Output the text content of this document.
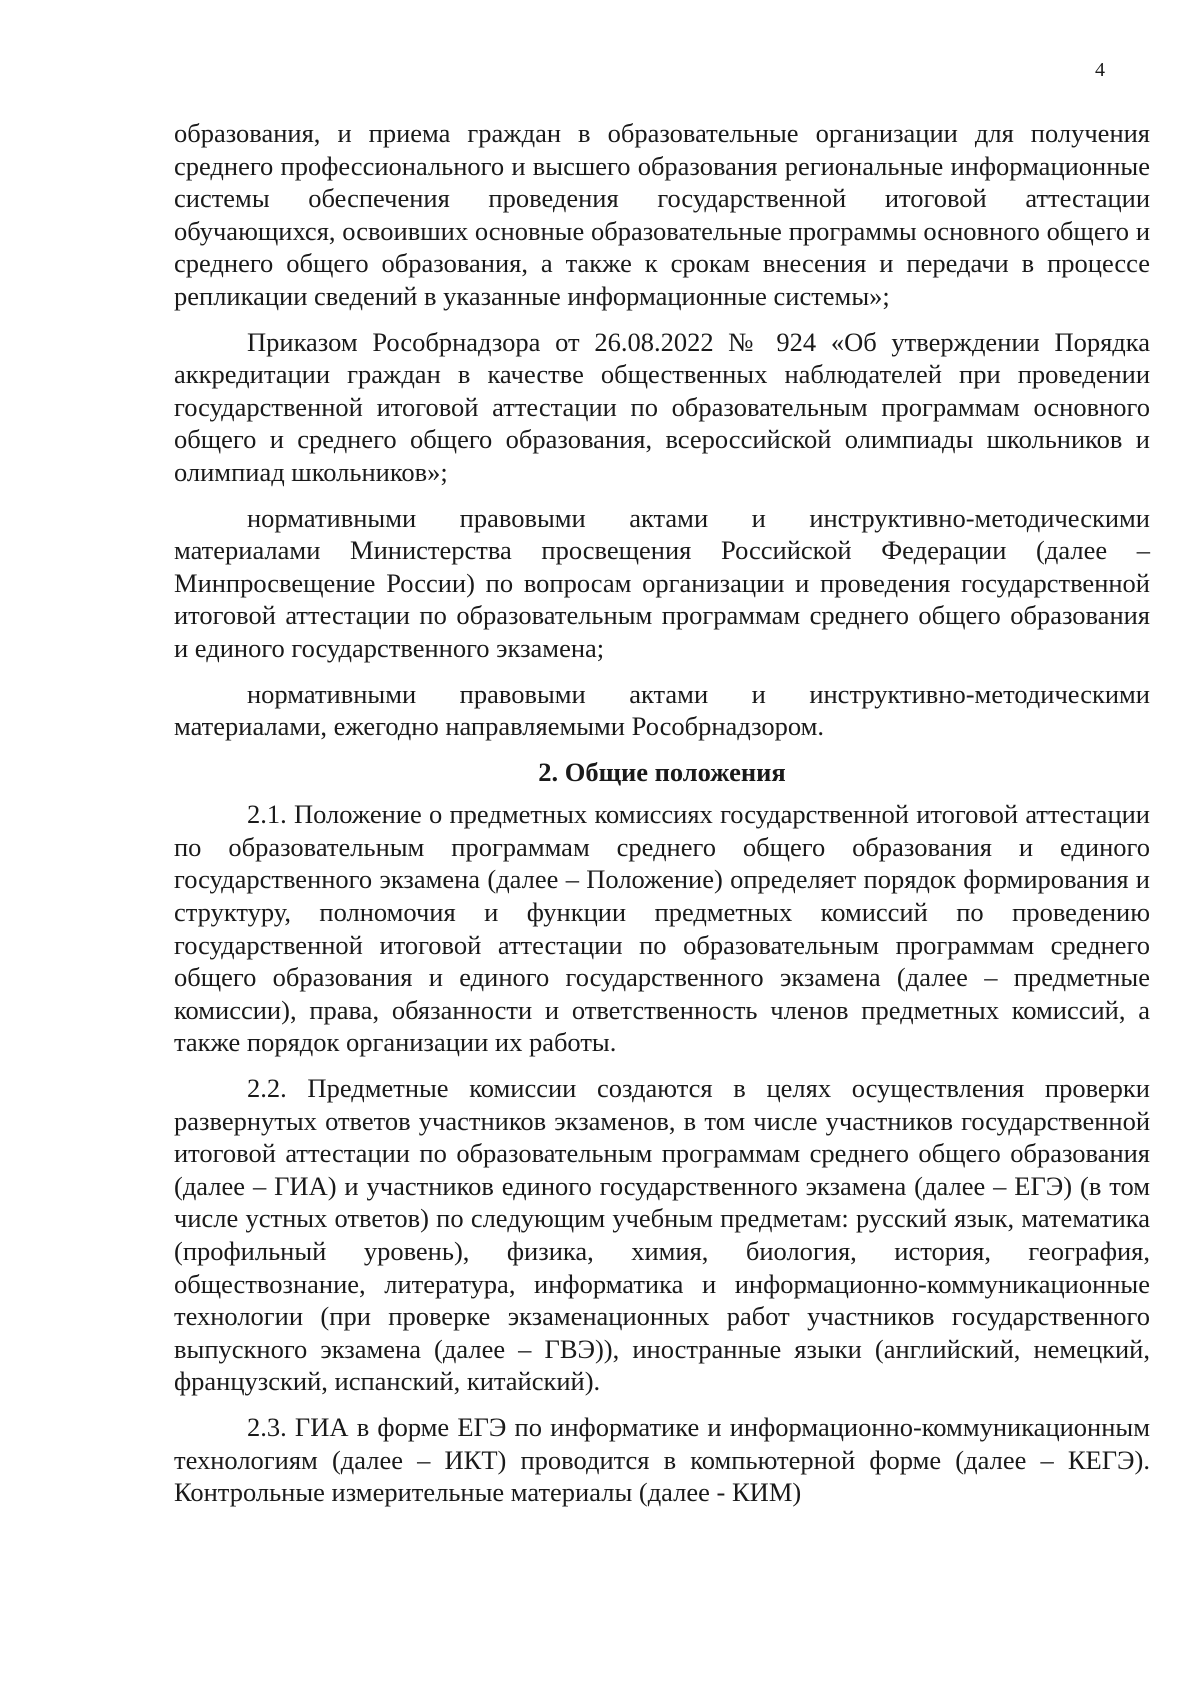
4

образования, и приема граждан в образовательные организации для получения среднего профессионального и высшего образования региональные информационные системы обеспечения проведения государственной итоговой аттестации обучающихся, освоивших основные образовательные программы основного общего и среднего общего образования, а также к срокам внесения и передачи в процессе репликации сведений в указанные информационные системы»;

Приказом Рособрнадзора от 26.08.2022 № 924 «Об утверждении Порядка аккредитации граждан в качестве общественных наблюдателей при проведении государственной итоговой аттестации по образовательным программам основного общего и среднего общего образования, всероссийской олимпиады школьников и олимпиад школьников»;

нормативными правовыми актами и инструктивно-методическими материалами Министерства просвещения Российской Федерации (далее – Минпросвещение России) по вопросам организации и проведения государственной итоговой аттестации по образовательным программам среднего общего образования и единого государственного экзамена;

нормативными правовыми актами и инструктивно-методическими материалами, ежегодно направляемыми Рособрнадзором.

2. Общие положения

2.1. Положение о предметных комиссиях государственной итоговой аттестации по образовательным программам среднего общего образования и единого государственного экзамена (далее – Положение) определяет порядок формирования и структуру, полномочия и функции предметных комиссий по проведению государственной итоговой аттестации по образовательным программам среднего общего образования и единого государственного экзамена (далее – предметные комиссии), права, обязанности и ответственность членов предметных комиссий, а также порядок организации их работы.

2.2. Предметные комиссии создаются в целях осуществления проверки развернутых ответов участников экзаменов, в том числе участников государственной итоговой аттестации по образовательным программам среднего общего образования (далее – ГИА) и участников единого государственного экзамена (далее – ЕГЭ) (в том числе устных ответов) по следующим учебным предметам: русский язык, математика (профильный уровень), физика, химия, биология, история, география, обществознание, литература, информатика и информационно-коммуникационные технологии (при проверке экзаменационных работ участников государственного выпускного экзамена (далее – ГВЭ)), иностранные языки (английский, немецкий, французский, испанский, китайский).

2.3. ГИА в форме ЕГЭ по информатике и информационно-коммуникационным технологиям (далее – ИКТ) проводится в компьютерной форме (далее – КЕГЭ). Контрольные измерительные материалы (далее - КИМ)
